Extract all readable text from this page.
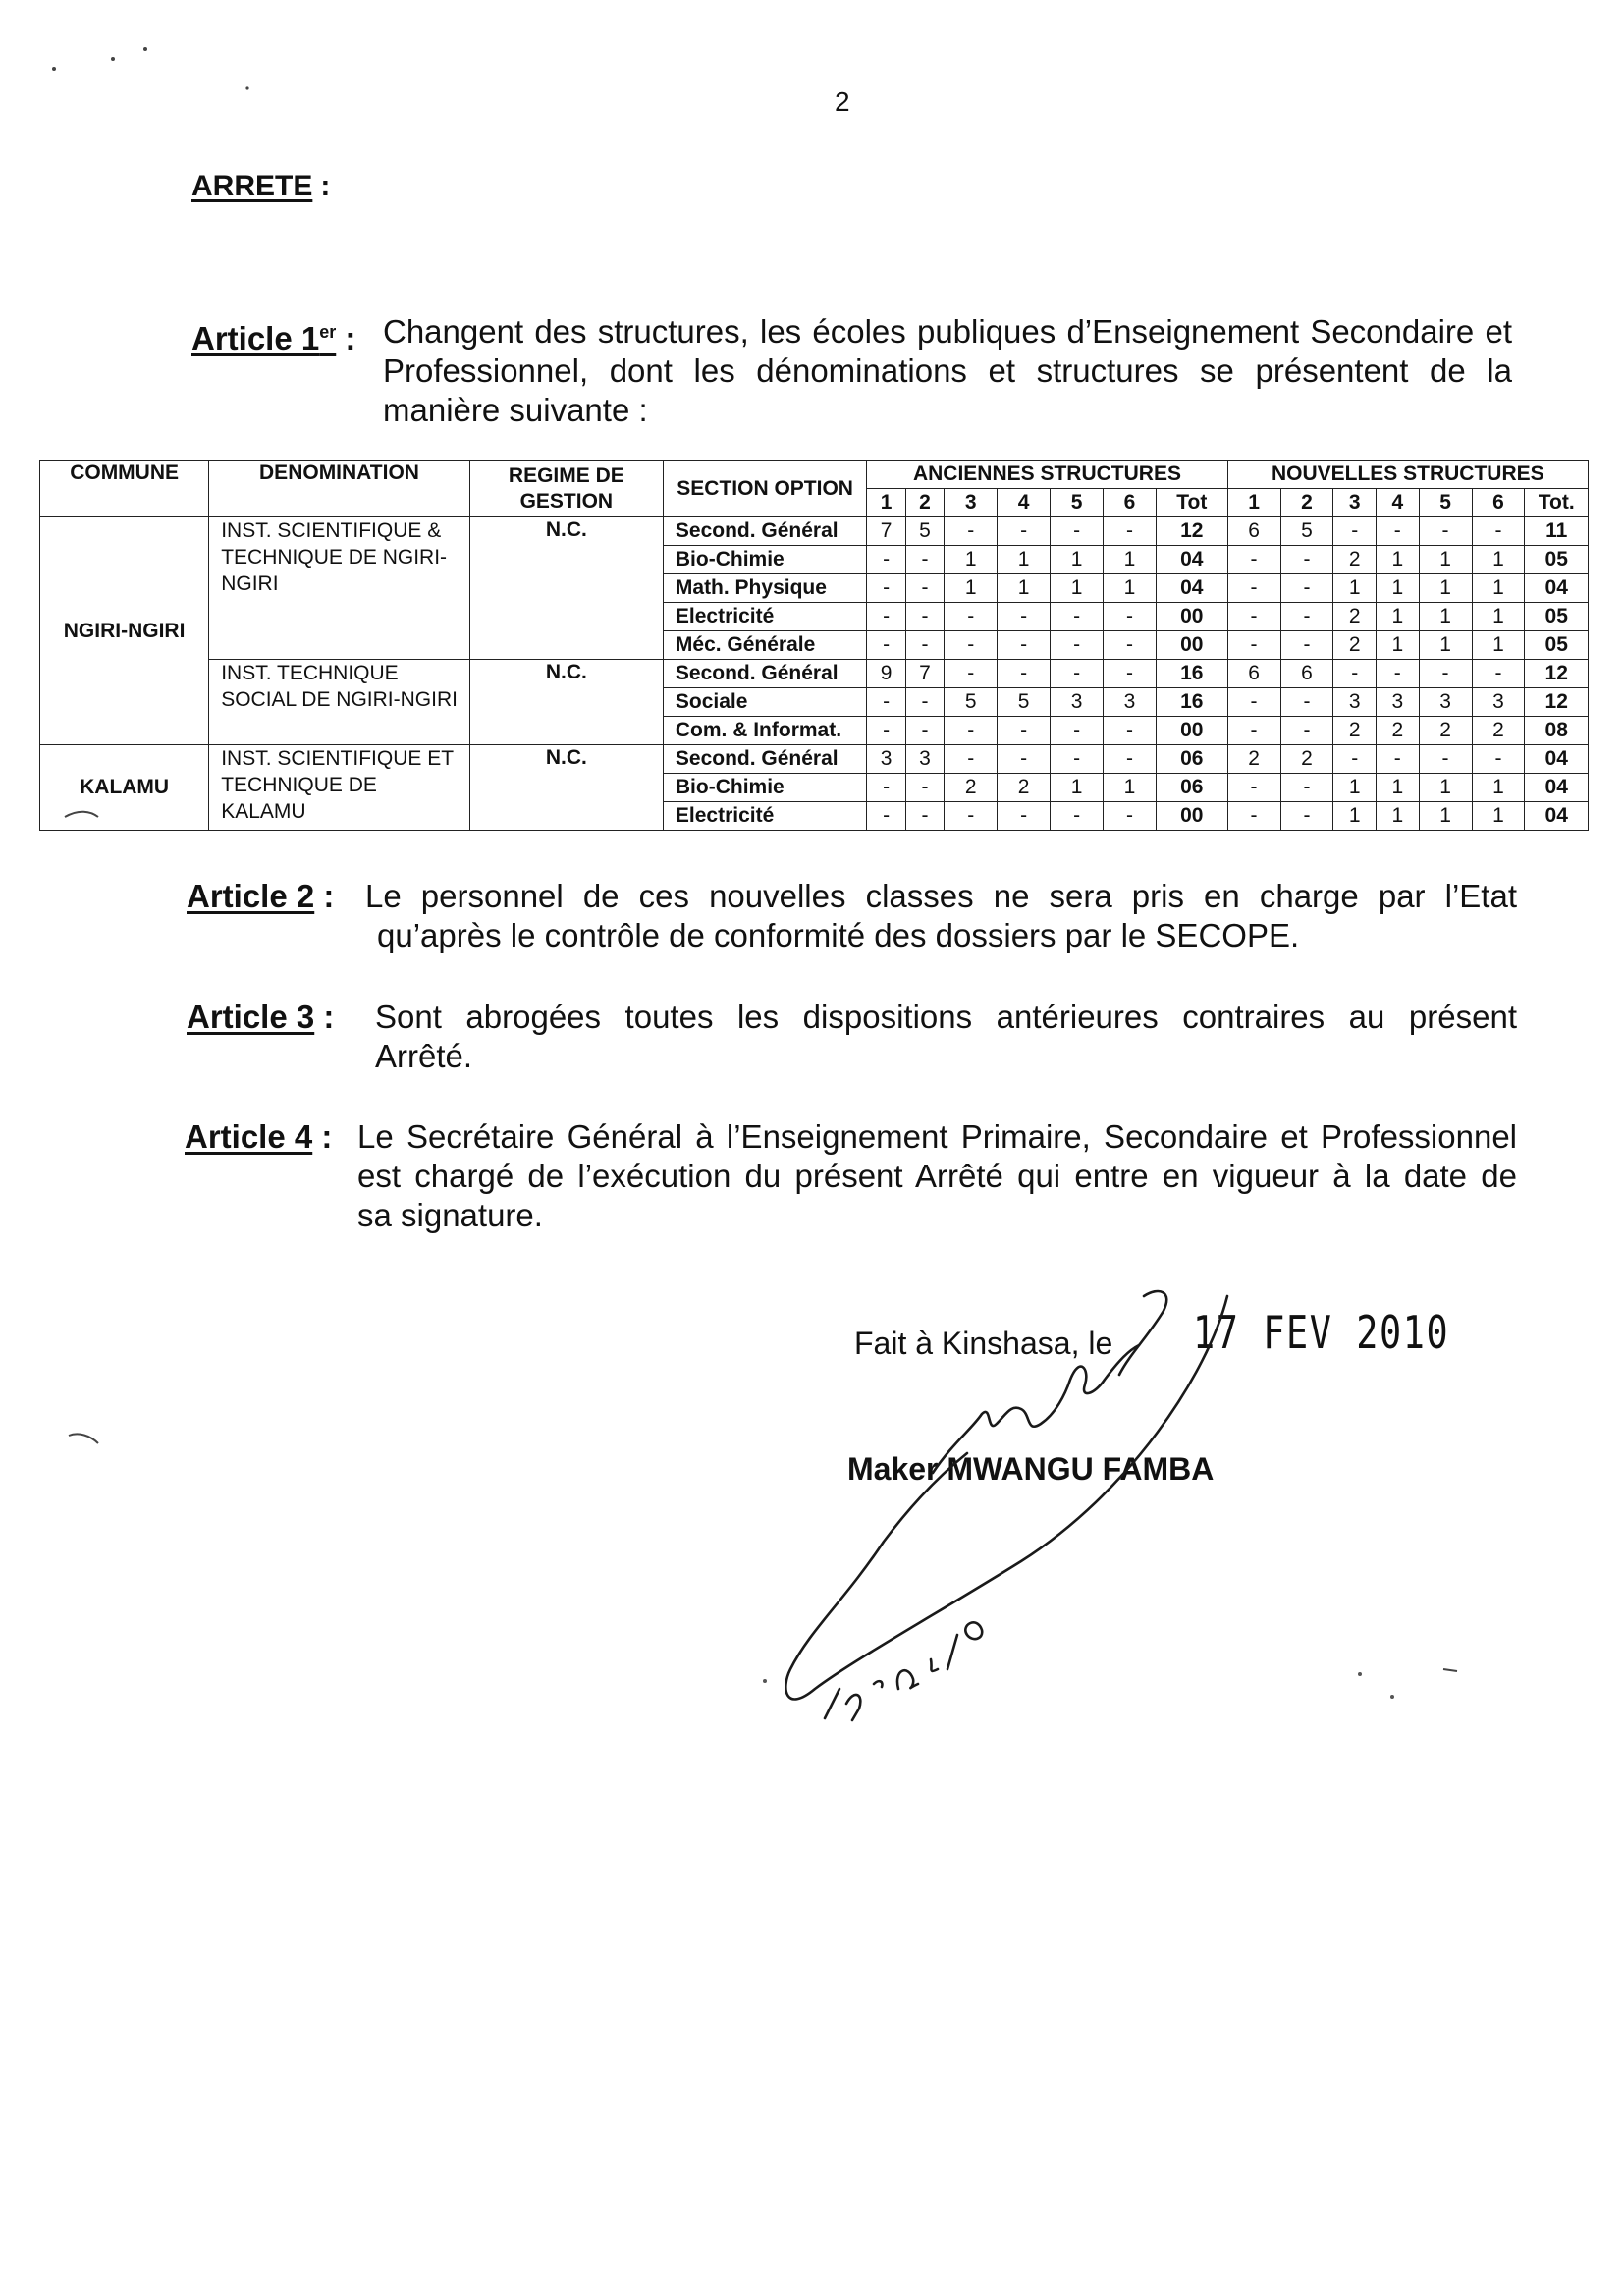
2
ARRETE :
Article 1er : Changent des structures, les écoles publiques d’Enseignement Secondaire et
Professionnel, dont les dénominations et structures se présentent de la
manière suivante :
COMMUNE	DENOMINATION	REGIME DE GESTION	SECTION OPTION	ANCIENNES STRUCTURES							NOUVELLES STRUCTURES						
				1	2	3	4	5	6	Tot	1	2	3	4	5	6	Tot.
NGIRI-NGIRI	INST. SCIENTIFIQUE & TECHNIQUE DE NGIRI-NGIRI	N.C.	Second. Général	7	5	-	-	-	-	12	6	5	-	-	-	-	11
			Bio-Chimie	-	-	1	1	1	1	04	-	-	2	1	1	1	05
			Math. Physique	-	-	1	1	1	1	04	-	-	1	1	1	1	04
			Electricité	-	-	-	-	-	-	00	-	-	2	1	1	1	05
			Méc. Générale	-	-	-	-	-	-	00	-	-	2	1	1	1	05
	INST. TECHNIQUE SOCIAL DE NGIRI-NGIRI	N.C.	Second. Général	9	7	-	-	-	-	16	6	6	-	-	-	-	12
			Sociale	-	-	5	5	3	3	16	-	-	3	3	3	3	12
			Com. & Informat.	-	-	-	-	-	-	00	-	-	2	2	2	2	08
KALAMU	INST. SCIENTIFIQUE ET TECHNIQUE DE KALAMU	N.C.	Second. Général	3	3	-	-	-	-	06	2	2	-	-	-	-	04
			Bio-Chimie	-	-	2	2	1	1	06	-	-	1	1	1	1	04
			Electricité	-	-	-	-	-	-	00	-	-	1	1	1	1	04
Article 2 : Le personnel de ces nouvelles classes ne sera pris en charge par l’Etat
qu’après le contrôle de conformité des dossiers par le SECOPE.
Article 3 : Sont abrogées toutes les dispositions antérieures contraires au présent
Arrêté.
Article 4 : Le Secrétaire Général à l’Enseignement Primaire, Secondaire et Professionnel
est chargé de l’exécution du présent Arrêté qui entre en vigueur à la date de
sa signature.
Fait à Kinshasa, le 17 FEV 2010
Maker MWANGU FAMBA
